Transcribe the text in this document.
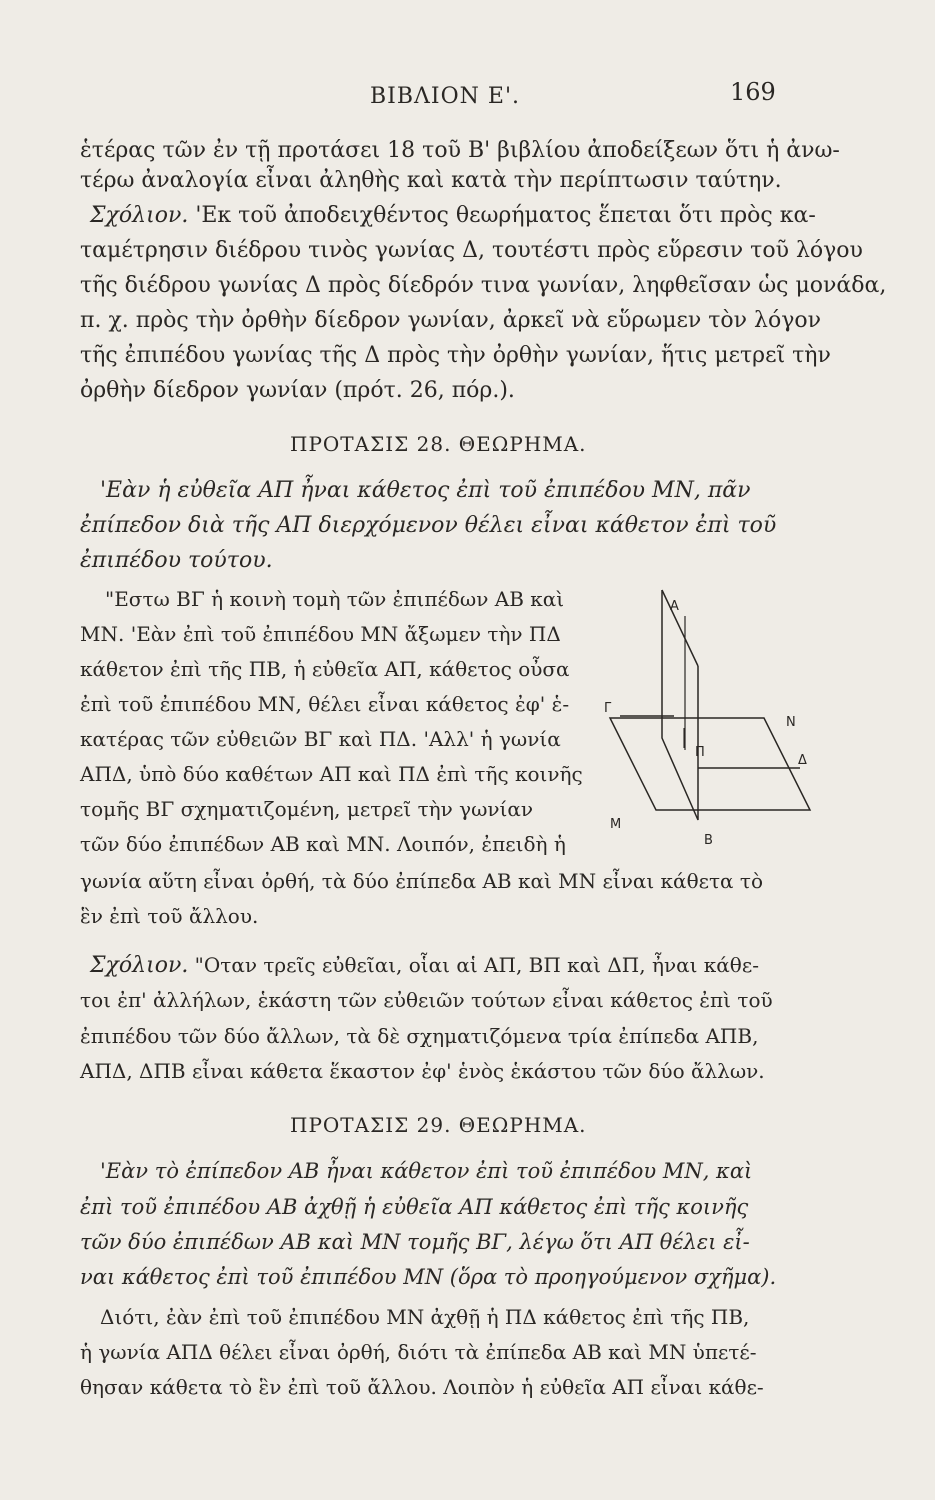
ΒΙΒΛΙΟΝ Ε'.	169
ἑτέρας τῶν ἐν τῇ προτάσει 18 τοῦ Β' βιβλίου ἀποδείξεων ὅτι ἡ ἀνω-
τέρω ἀναλογία εἶναι ἀληθὴς καὶ κατὰ τὴν περίπτωσιν ταύτην.
Σχόλιον. 'Εκ τοῦ ἀποδειχθέντος θεωρήματος ἕπεται ὅτι πρὸς κα-
ταμέτρησιν διέδρου τινὸς γωνίας Δ, τουτέστι πρὸς εὕρεσιν τοῦ λόγου
τῆς διέδρου γωνίας Δ πρὸς δίεδρόν τινα γωνίαν, ληφθεῖσαν ὡς μονάδα,
π. χ. πρὸς τὴν ὀρθὴν δίεδρον γωνίαν, ἀρκεῖ νὰ εὕρωμεν τὸν λόγον
τῆς ἐπιπέδου γωνίας τῆς Δ πρὸς τὴν ὀρθὴν γωνίαν, ἥτις μετρεῖ τὴν
ὀρθὴν δίεδρον γωνίαν (πρότ. 26, πόρ.).
ΠΡΟΤΑΣΙΣ 28. ΘΕΩΡΗΜΑ.
'Εὰν ἡ εὐθεῖα ΑΠ ἦναι κάθετος ἐπὶ τοῦ ἐπιπέδου ΜΝ, πᾶν
ἐπίπεδον διὰ τῆς ΑΠ διερχόμενον θέλει εἶναι κάθετον ἐπὶ τοῦ
ἐπιπέδου τούτου.
"Εστω ΒΓ ἡ κοινὴ τομὴ τῶν ἐπιπέδων ΑΒ καὶ
ΜΝ. 'Εὰν ἐπὶ τοῦ ἐπιπέδου ΜΝ ἄξωμεν τὴν ΠΔ
κάθετον ἐπὶ τῆς ΠΒ, ἡ εὐθεῖα ΑΠ, κάθετος οὖσα
ἐπὶ τοῦ ἐπιπέδου ΜΝ, θέλει εἶναι κάθετος ἐφ' ἑ-
κατέρας τῶν εὐθειῶν ΒΓ καὶ ΠΔ. 'Αλλ' ἡ γωνία
ΑΠΔ, ὑπὸ δύο καθέτων ΑΠ καὶ ΠΔ ἐπὶ τῆς κοινῆς
τομῆς ΒΓ σχηματιζομένη, μετρεῖ τὴν γωνίαν
τῶν δύο ἐπιπέδων ΑΒ καὶ ΜΝ. Λοιπόν, ἐπειδὴ ἡ
γωνία αὕτη εἶναι ὀρθή, τὰ δύο ἐπίπεδα ΑΒ καὶ ΜΝ εἶναι κάθετα τὸ
ἓν ἐπὶ τοῦ ἄλλου.
A
Γ
N
Π
Δ
M
B
Σχόλιον. "Οταν τρεῖς εὐθεῖαι, οἷαι αἱ ΑΠ, ΒΠ καὶ ΔΠ, ἦναι κάθε-
τοι ἐπ' ἀλλήλων, ἑκάστη τῶν εὐθειῶν τούτων εἶναι κάθετος ἐπὶ τοῦ
ἐπιπέδου τῶν δύο ἄλλων, τὰ δὲ σχηματιζόμενα τρία ἐπίπεδα ΑΠΒ,
ΑΠΔ, ΔΠΒ εἶναι κάθετα ἕκαστον ἐφ' ἑνὸς ἑκάστου τῶν δύο ἄλλων.
ΠΡΟΤΑΣΙΣ 29. ΘΕΩΡΗΜΑ.
'Εὰν τὸ ἐπίπεδον ΑΒ ἦναι κάθετον ἐπὶ τοῦ ἐπιπέδου ΜΝ, καὶ
ἐπὶ τοῦ ἐπιπέδου ΑΒ ἀχθῇ ἡ εὐθεῖα ΑΠ κάθετος ἐπὶ τῆς κοινῆς
τῶν δύο ἐπιπέδων ΑΒ καὶ ΜΝ τομῆς ΒΓ, λέγω ὅτι ΑΠ θέλει εἶ-
ναι κάθετος ἐπὶ τοῦ ἐπιπέδου ΜΝ (ὅρα τὸ προηγούμενον σχῆμα).
Διότι, ἐὰν ἐπὶ τοῦ ἐπιπέδου ΜΝ ἀχθῇ ἡ ΠΔ κάθετος ἐπὶ τῆς ΠΒ,
ἡ γωνία ΑΠΔ θέλει εἶναι ὀρθή, διότι τὰ ἐπίπεδα ΑΒ καὶ ΜΝ ὑπετέ-
θησαν κάθετα τὸ ἓν ἐπὶ τοῦ ἄλλου. Λοιπὸν ἡ εὐθεῖα ΑΠ εἶναι κάθε-
